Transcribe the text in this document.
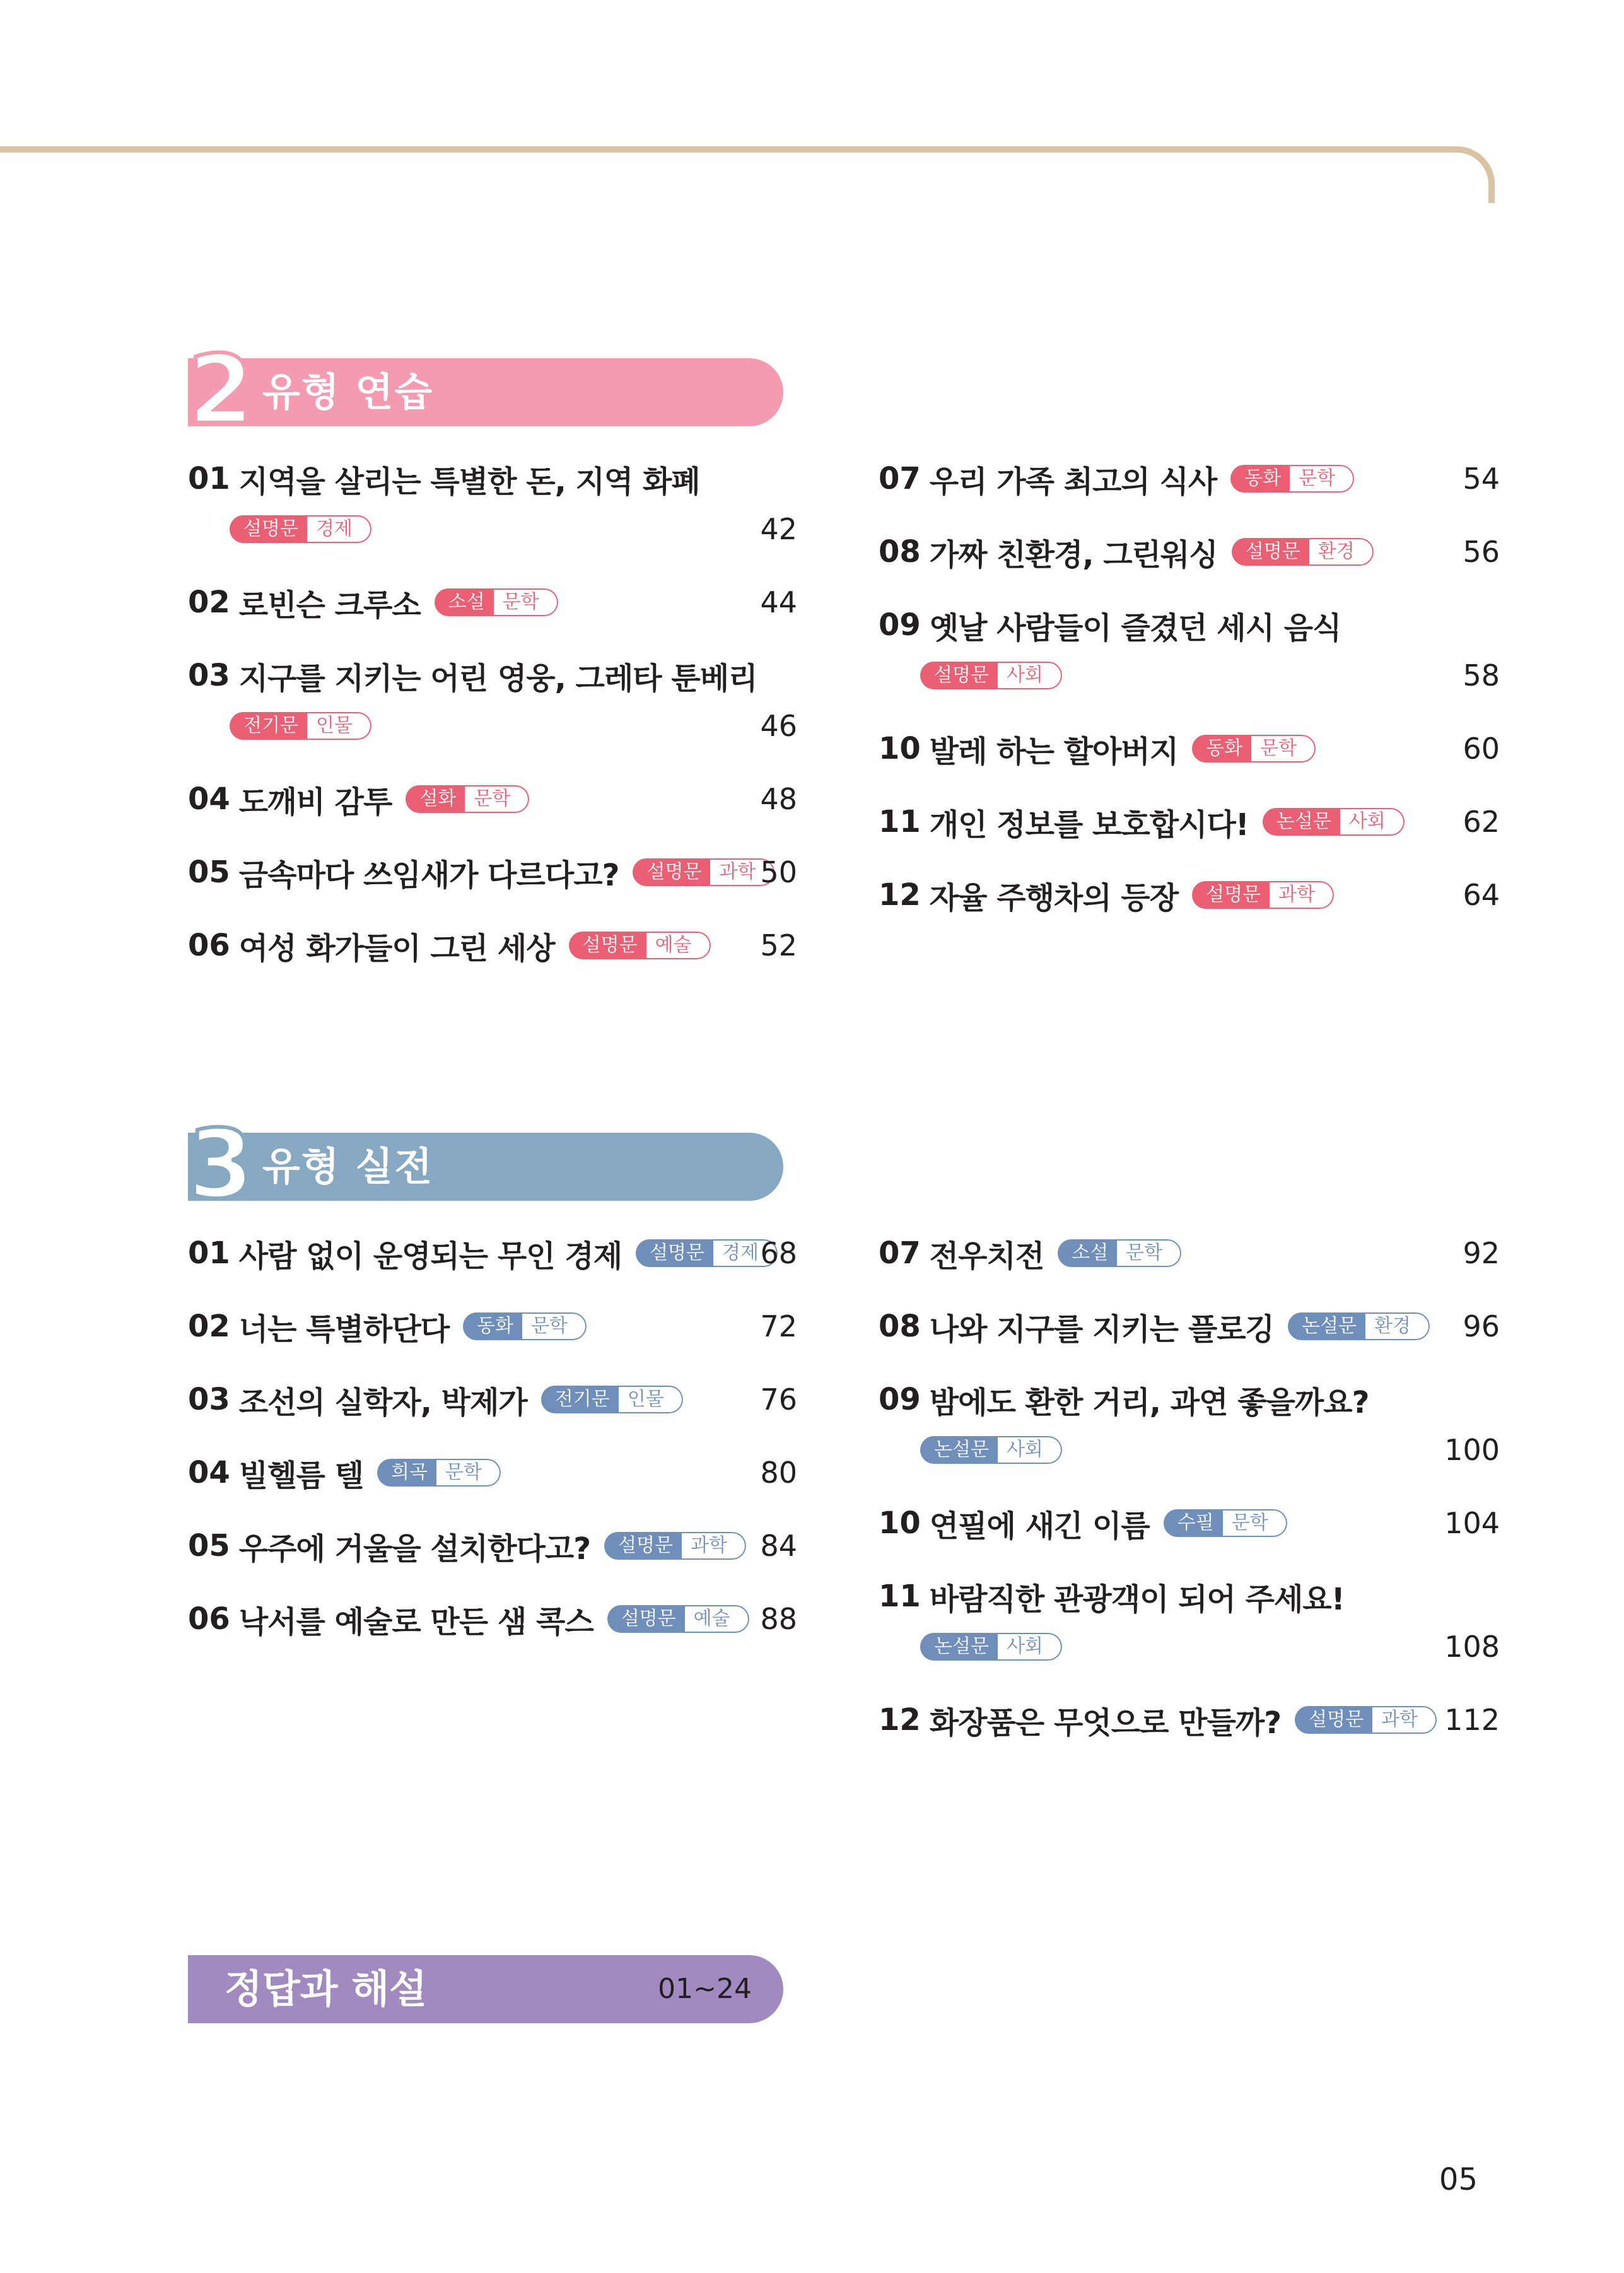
2 유형 연습
01 지역을 살리는 특별한 돈, 지역 화폐
설명문 경제	42
02 로빈슨 크루소	소설 문학	44
03 지구를 지키는 어린 영웅, 그레타 툰베리
전기문 인물	46
04 도깨비 감투	설화 문학	48
05 금속마다 쓰임새가 다르다고?	설명문 과학 50
06 여성 화가들이 그린 세상	설명문 예술	52
07 우리 가족 최고의 식사	동화 문학	54
08 가짜 친환경, 그린워싱	설명문 환경	56
09 옛날 사람들이 즐겼던 세시 음식
설명문 사회	58
10 발레 하는 할아버지	동화 문학	60
11 개인 정보를 보호합시다!	논설문 사회	62
12 자율 주행차의 등장	설명문 과학	64
3 유형 실전
01 사람 없이 운영되는 무인 경제	설명문 경제 68
02 너는 특별하단다	동화 문학	72
03 조선의 실학자, 박제가	전기문 인물	76
04 빌헬름 텔	희곡 문학	80
05 우주에 거울을 설치한다고?	설명문 과학	84
06 낙서를 예술로 만든 샘 콕스	설명문 예술	88
07 전우치전	소설 문학	92
08 나와 지구를 지키는 플로깅	논설문 환경	96
09 밤에도 환한 거리, 과연 좋을까요?
논설문 사회	100
10 연필에 새긴 이름	수필 문학	104
11 바람직한 관광객이 되어 주세요!
논설문 사회	108
12 화장품은 무엇으로 만들까?	설명문 과학 112
정답과 해설	01~24
05
